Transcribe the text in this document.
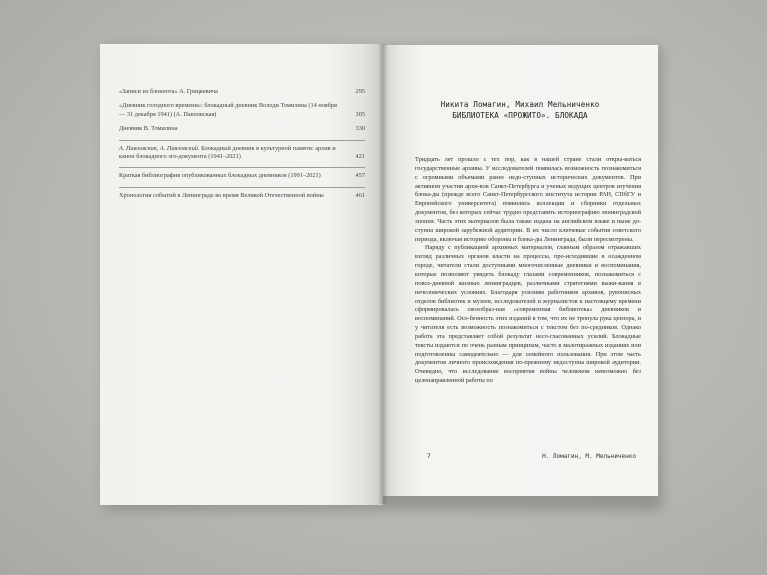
«Записи из блокнота» А. Грицкевича	295
«Дневник голодного времени»: блокадный дневник Володи Томилина (14 ноября — 31 декабря 1941) (А. Павловская)	305
Дневник В. Томилина	330
А. Павловская, А. Павловский. Блокадный дневник в культурной памяти: архив и канон блокадного эго-документа (1941–2021)	421
Краткая библиография опубликованных блокадных дневников (1991–2021)	457
Хронология событий в Ленинграде во время Великой Отечественной войны	461
Никита Ломагин, Михаил Мельниченко
БИБЛИОТЕКА «ПРОЖИТО». БЛОКАДА

Тридцать лет прошло с тех пор, как в нашей стране стали откры-ваться государственные архивы. У исследователей появилась возможность познакомиться с огромными объемами ранее недо-ступных исторических документов. При активном участии архи-вов Санкт-Петербурга и ученых ведущих центров изучения блока-ды (прежде всего Санкт-Петербургского института истории РАН, СПбГУ и Европейского университета) появились коллекции и сборники отдельных документов, без которых сейчас трудно представить историографию ленинградской эпопеи. Часть этих материалов была также издана на английском языке и ныне до-ступна широкой зарубежной аудитории. В их число ключевые события советского периода, включая историю обороны и блока-ды Ленинграда, были пересмотрены.

Наряду с публикацией архивных материалов, главным образом отражавших взгляд различных органов власти на процессы, про-исходившие в осажденном городе, читатели стали доступными многочисленные дневники и воспоминания, которые позволяют увидеть блокаду глазами современников, познакомиться с повсе-дневной жизнью ленинградцев, различными стратегиями выжи-вания в нечеловеческих условиях. Благодаря усилиям работников архивов, рукописных отделов библиотек и музеев, исследователей и журналистов к настоящему времени сформировалась своеобраз-ная «современная библиотека» дневников и воспоминаний. Осо-бенность этих изданий в том, что их не тронула рука цензора, и у читателя есть возможность познакомиться с текстом без по-средников. Однако работа эта представляет собой результат несо-гласованных усилий. Блокадные тексты издаются по очень разным принципам, часто в малотиражных изданиях или подготовленны самодеятельно — для семейного пользования. При этом часть документов личного происхождения по-прежнему недоступна широкой аудитории. Очевидно, что исследование восприятия войны человеком невозможно без целенаправленной работы по

7	Н. Ломагин, М. Мельниченко
